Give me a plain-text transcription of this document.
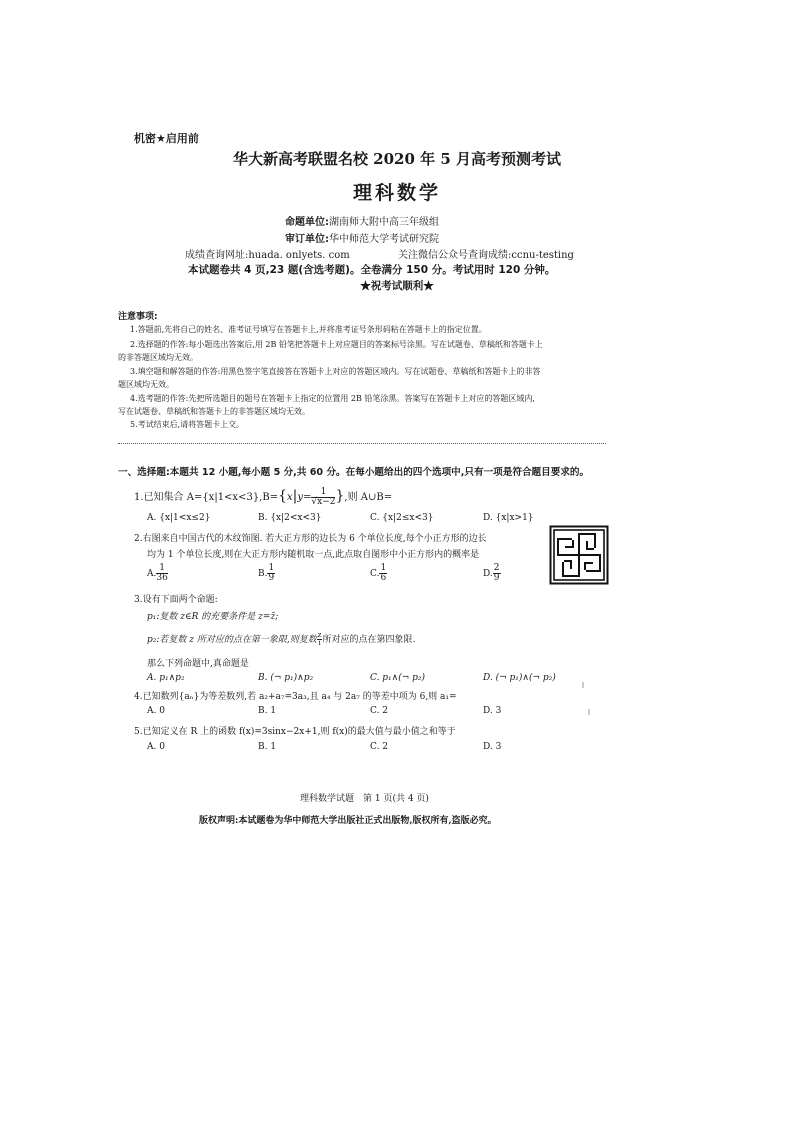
机密★启用前
华大新高考联盟名校 2020 年 5 月高考预测考试
理科数学
命题单位:湖南师大附中高三年级组
审订单位:华中师范大学考试研究院
成绩查询网址:huada. onlyets. com	关注微信公众号查询成绩:ccnu-testing
本试题卷共 4 页,23 题(含选考题)。全卷满分 150 分。考试用时 120 分钟。
★祝考试顺利★
注意事项:
1.答题前,先将自己的姓名、准考证号填写在答题卡上,并将准考证号条形码粘在答题卡上的指定位置。
2.选择题的作答:每小题选出答案后,用 2B 铅笔把答题卡上对应题目的答案标号涂黑。写在试题卷、草稿纸和答题卡上
的非答题区域均无效。
3.填空题和解答题的作答:用黑色签字笔直接答在答题卡上对应的答题区域内。写在试题卷、草稿纸和答题卡上的非答
题区域均无效。
4.选考题的作答:先把所选题目的题号在答题卡上指定的位置用 2B 铅笔涂黑。答案写在答题卡上对应的答题区域内,
写在试题卷、草稿纸和答题卡上的非答题区域均无效。
5.考试结束后,请将答题卡上交。
一、选择题:本题共 12 小题,每小题 5 分,共 60 分。在每小题给出的四个选项中,只有一项是符合题目要求的。
1.已知集合 $A=\{x|1<x<3\},B=\{x|y= \frac{1}{√x-2}$ },则 A∪B=
A. {x|1<x≤2}	B. {x|2<x<3}	C. {x|2≤x<3}	D. {x|x>1}
2.右图来自中国古代的木纹饰图. 若大正方形的边长为 6 个单位长度,每个小正方形的边长
均为 1 个单位长度,则在大正方形内随机取一点,此点取自图形中小正方形内的概率是
A. $\frac{1}{36}$	B. $\frac{1}{9}$	C. $\frac{1}{6}$	D. $\frac{2}{9}$
3.设有下面两个命题:
p₁:复数 z∈R 的充要条件是 z=z̄;
p₂:若复数 z 所对应的点在第一象限,则复数 $\frac{z}{i}$ 所对应的点在第四象限.
那么下列命题中,真命题是
A. p₁∧p₂	B. (¬ p₁)∧p₂	C. p₁∧(¬ p₂)	D. (¬ p₁)∧(¬ p₂)
4.已知数列{aₙ}为等差数列,若 a₂+a₇=3a₃,且 a₄ 与 2a₇ 的等差中项为 6,则 a₁=
A. 0	B. 1	C. 2	D. 3
5.已知定义在 R 上的函数 f(x)=3sinx−2x+1,则 f(x)的最大值与最小值之和等于
A. 0	B. 1	C. 2	D. 3
理科数学试题　第 1 页(共 4 页)
版权声明:本试题卷为华中师范大学出版社正式出版物,版权所有,盗版必究。
